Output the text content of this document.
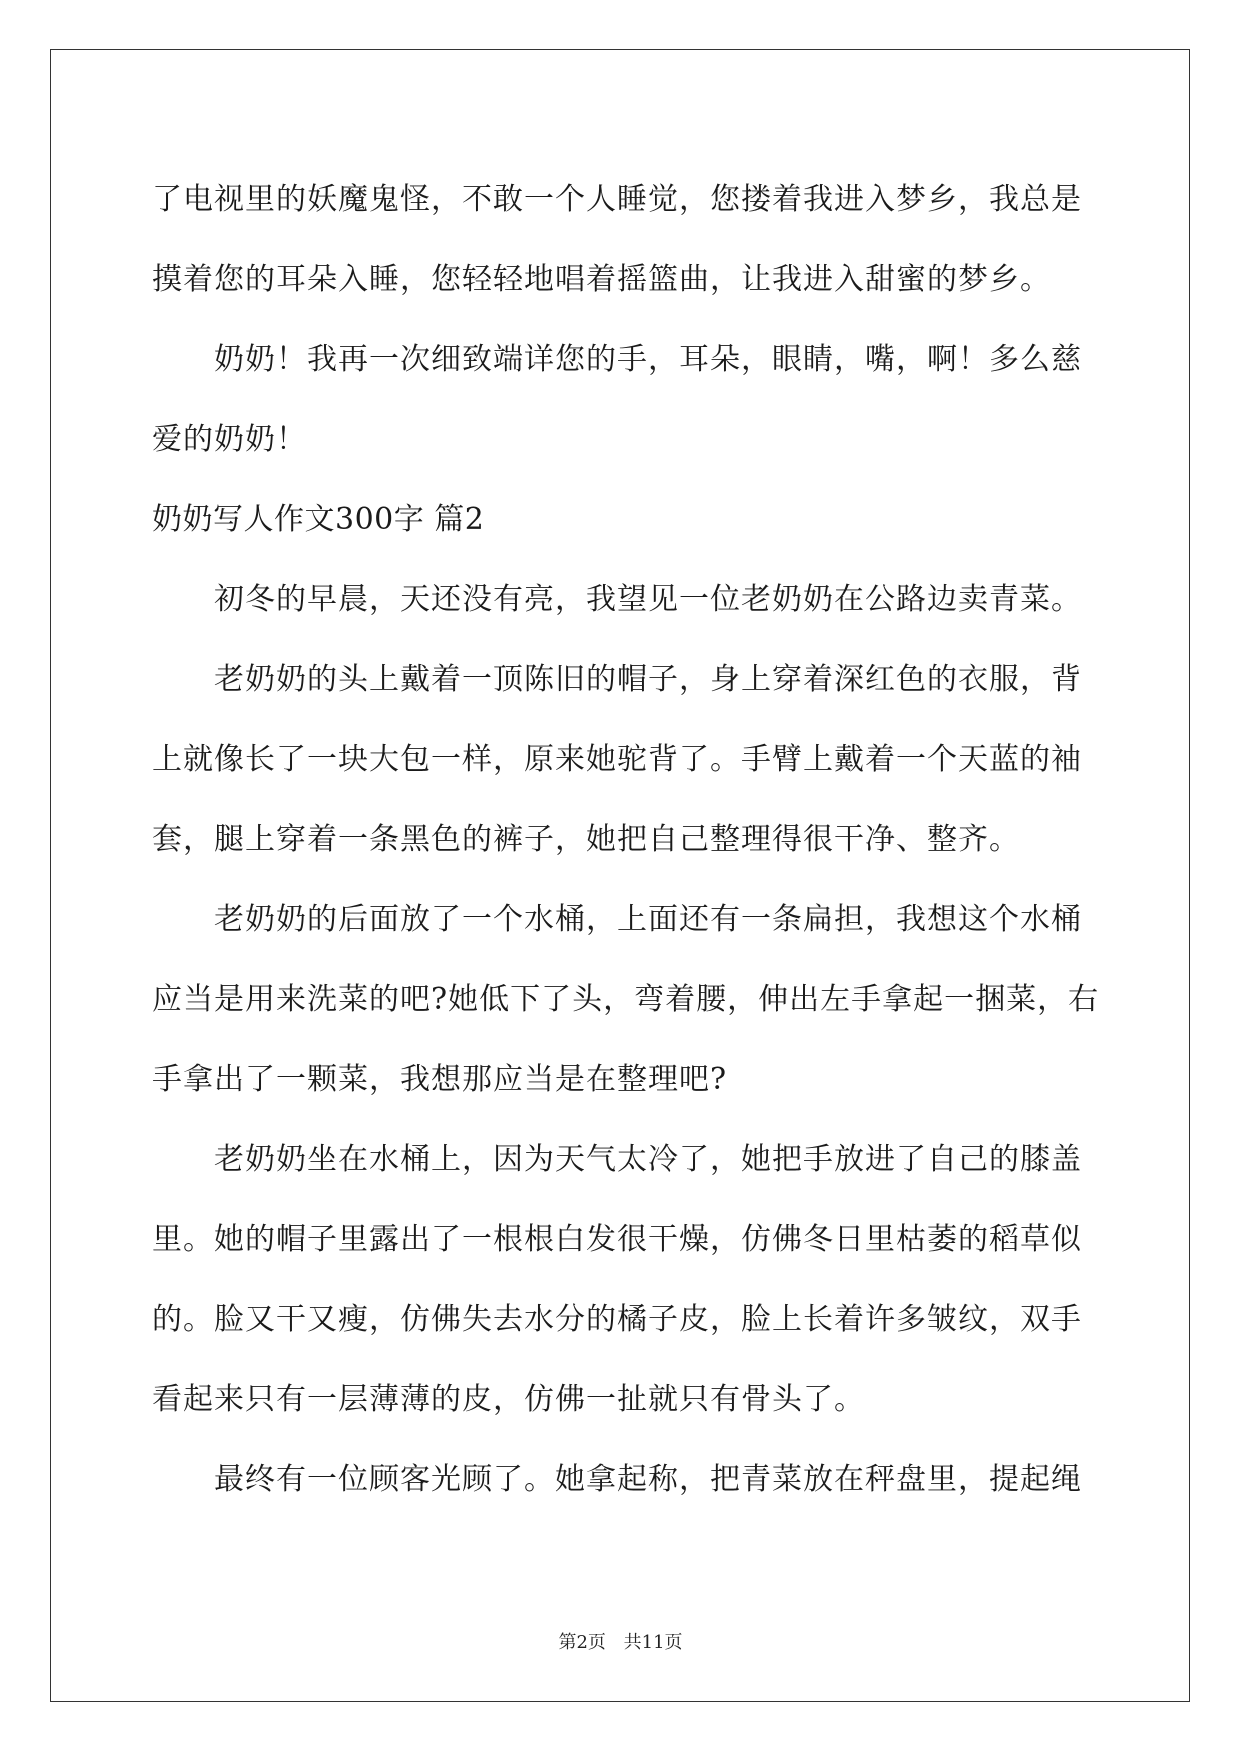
了电视里的妖魔鬼怪，不敢一个人睡觉，您搂着我进入梦乡，我总是
摸着您的耳朵入睡，您轻轻地唱着摇篮曲，让我进入甜蜜的梦乡。
奶奶！我再一次细致端详您的手，耳朵，眼睛，嘴，啊！多么慈
爱的奶奶！
奶奶写人作文300字 篇2
初冬的早晨，天还没有亮，我望见一位老奶奶在公路边卖青菜。
老奶奶的头上戴着一顶陈旧的帽子，身上穿着深红色的衣服，背
上就像长了一块大包一样，原来她驼背了。手臂上戴着一个天蓝的袖
套，腿上穿着一条黑色的裤子，她把自己整理得很干净、整齐。
老奶奶的后面放了一个水桶，上面还有一条扁担，我想这个水桶
应当是用来洗菜的吧?她低下了头，弯着腰，伸出左手拿起一捆菜，右
手拿出了一颗菜，我想那应当是在整理吧?
老奶奶坐在水桶上，因为天气太冷了，她把手放进了自己的膝盖
里。她的帽子里露出了一根根白发很干燥，仿佛冬日里枯萎的稻草似
的。脸又干又瘦，仿佛失去水分的橘子皮，脸上长着许多皱纹，双手
看起来只有一层薄薄的皮，仿佛一扯就只有骨头了。
最终有一位顾客光顾了。她拿起称，把青菜放在秤盘里，提起绳
第2页 共11页
